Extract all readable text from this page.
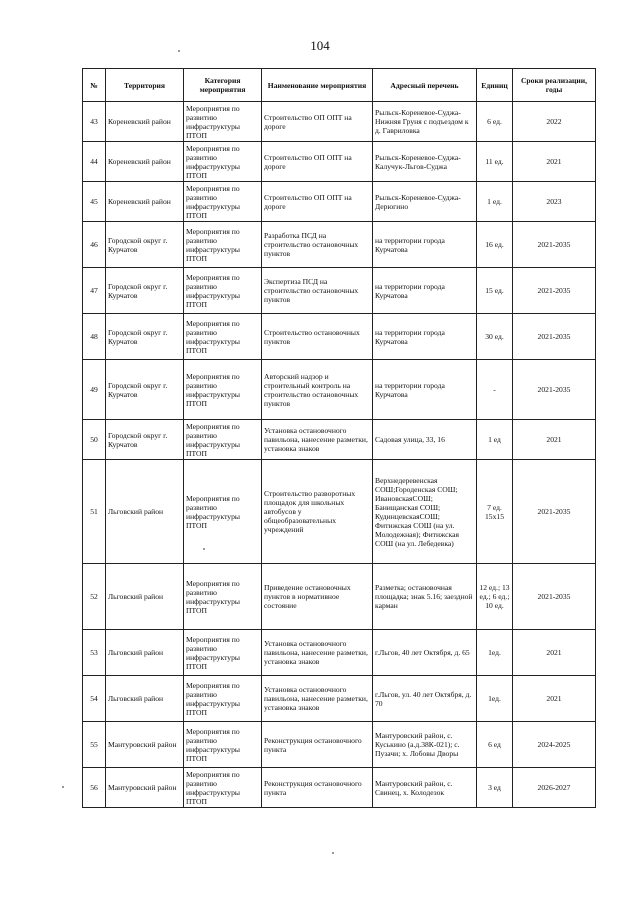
104
№	Территория	Категория мероприятия	Наименование мероприятия	Адресный перечень	Единиц	Сроки реализации, годы
43	Кореневский район	Мероприятия по развитию инфраструктуры ПТОП	Строительство ОП ОПТ на дороге	Рыльск-Кореневое-Суджа-Нижняя Груня с подъездом к д. Гавриловка	6 ед.	2022
44	Кореневский район	Мероприятия по развитию инфраструктуры ПТОП	Строительство ОП ОПТ на дороге	Рыльск-Кореневое-Суджа-Калучук-Льгов-Суджа	11 ед.	2021
45	Кореневский район	Мероприятия по развитию инфраструктуры ПТОП	Строительство ОП ОПТ на дороге	Рыльск-Кореневое-Суджа-Дерюгино	1 ед.	2023
46	Городской округ г. Курчатов	Мероприятия по развитию инфраструктуры ПТОП	Разработка ПСД на строительство остановочных пунктов	на территории города Курчатова	16 ед.	2021-2035
47	Городской округ г. Курчатов	Мероприятия по развитию инфраструктуры ПТОП	Экспертиза ПСД на строительство остановочных пунктов	на территории города Курчатова	15 ед.	2021-2035
48	Городской округ г. Курчатов	Мероприятия по развитию инфраструктуры ПТОП	Строительство остановочных пунктов	на территории города Курчатова	30 ед.	2021-2035
49	Городской округ г. Курчатов	Мероприятия по развитию инфраструктуры ПТОП	Авторский надзор и строительный контроль на строительство остановочных пунктов	на территории города Курчатова	-	2021-2035
50	Городской округ г. Курчатов	Мероприятия по развитию инфраструктуры ПТОП	Установка остановочного павильона, нанесение разметки, установка знаков	Садовая улица, 33, 16	1 ед	2021
51	Льговский район	Мероприятия по развитию инфраструктуры ПТОП	Строительство разворотных площадок для школьных автобусов у общеобразовательных учреждений	Верхнедеревенская СОШ;Городенская СОШ; ИвановскаяСОШ; Банищанская СОШ; КудинцевскаяСОШ; Фитижская СОШ (на ул. Молодежная); Фитижская СОШ (на ул. Лебедевка)	7 ед. 15х15	2021-2035
52	Льговский район	Мероприятия по развитию инфраструктуры ПТОП	Приведение остановочных пунктов в нормативное состояние	Разметка; остановочная площадка; знак 5.16; заездной карман	12 ед.; 13 ед.; 6 ед.; 10 ед.	2021-2035
53	Льговский район	Мероприятия по развитию инфраструктуры ПТОП	Установка остановочного павильона, нанесение разметки, установка знаков	г.Льгов, 40 лет Октября, д. 65	1ед.	2021
54	Льговский район	Мероприятия по развитию инфраструктуры ПТОП	Установка остановочного павильона, нанесение разметки, установка знаков	г.Льгов, ул. 40 лет Октября, д. 70	1ед.	2021
55	Мантуровский район	Мероприятия по развитию инфраструктуры ПТОП	Реконструкция остановочного пункта	Мантуровский район, с. Куськино (а.д.38К-021); с. Пузачи; х. Лобовы Дворы	6 ед	2024-2025
56	Мантуровский район	Мероприятия по развитию инфраструктуры ПТОП	Реконструкция остановочного пункта	Мантуровский район, с. Свинец, х. Колодезок	3 ед	2026-2027
